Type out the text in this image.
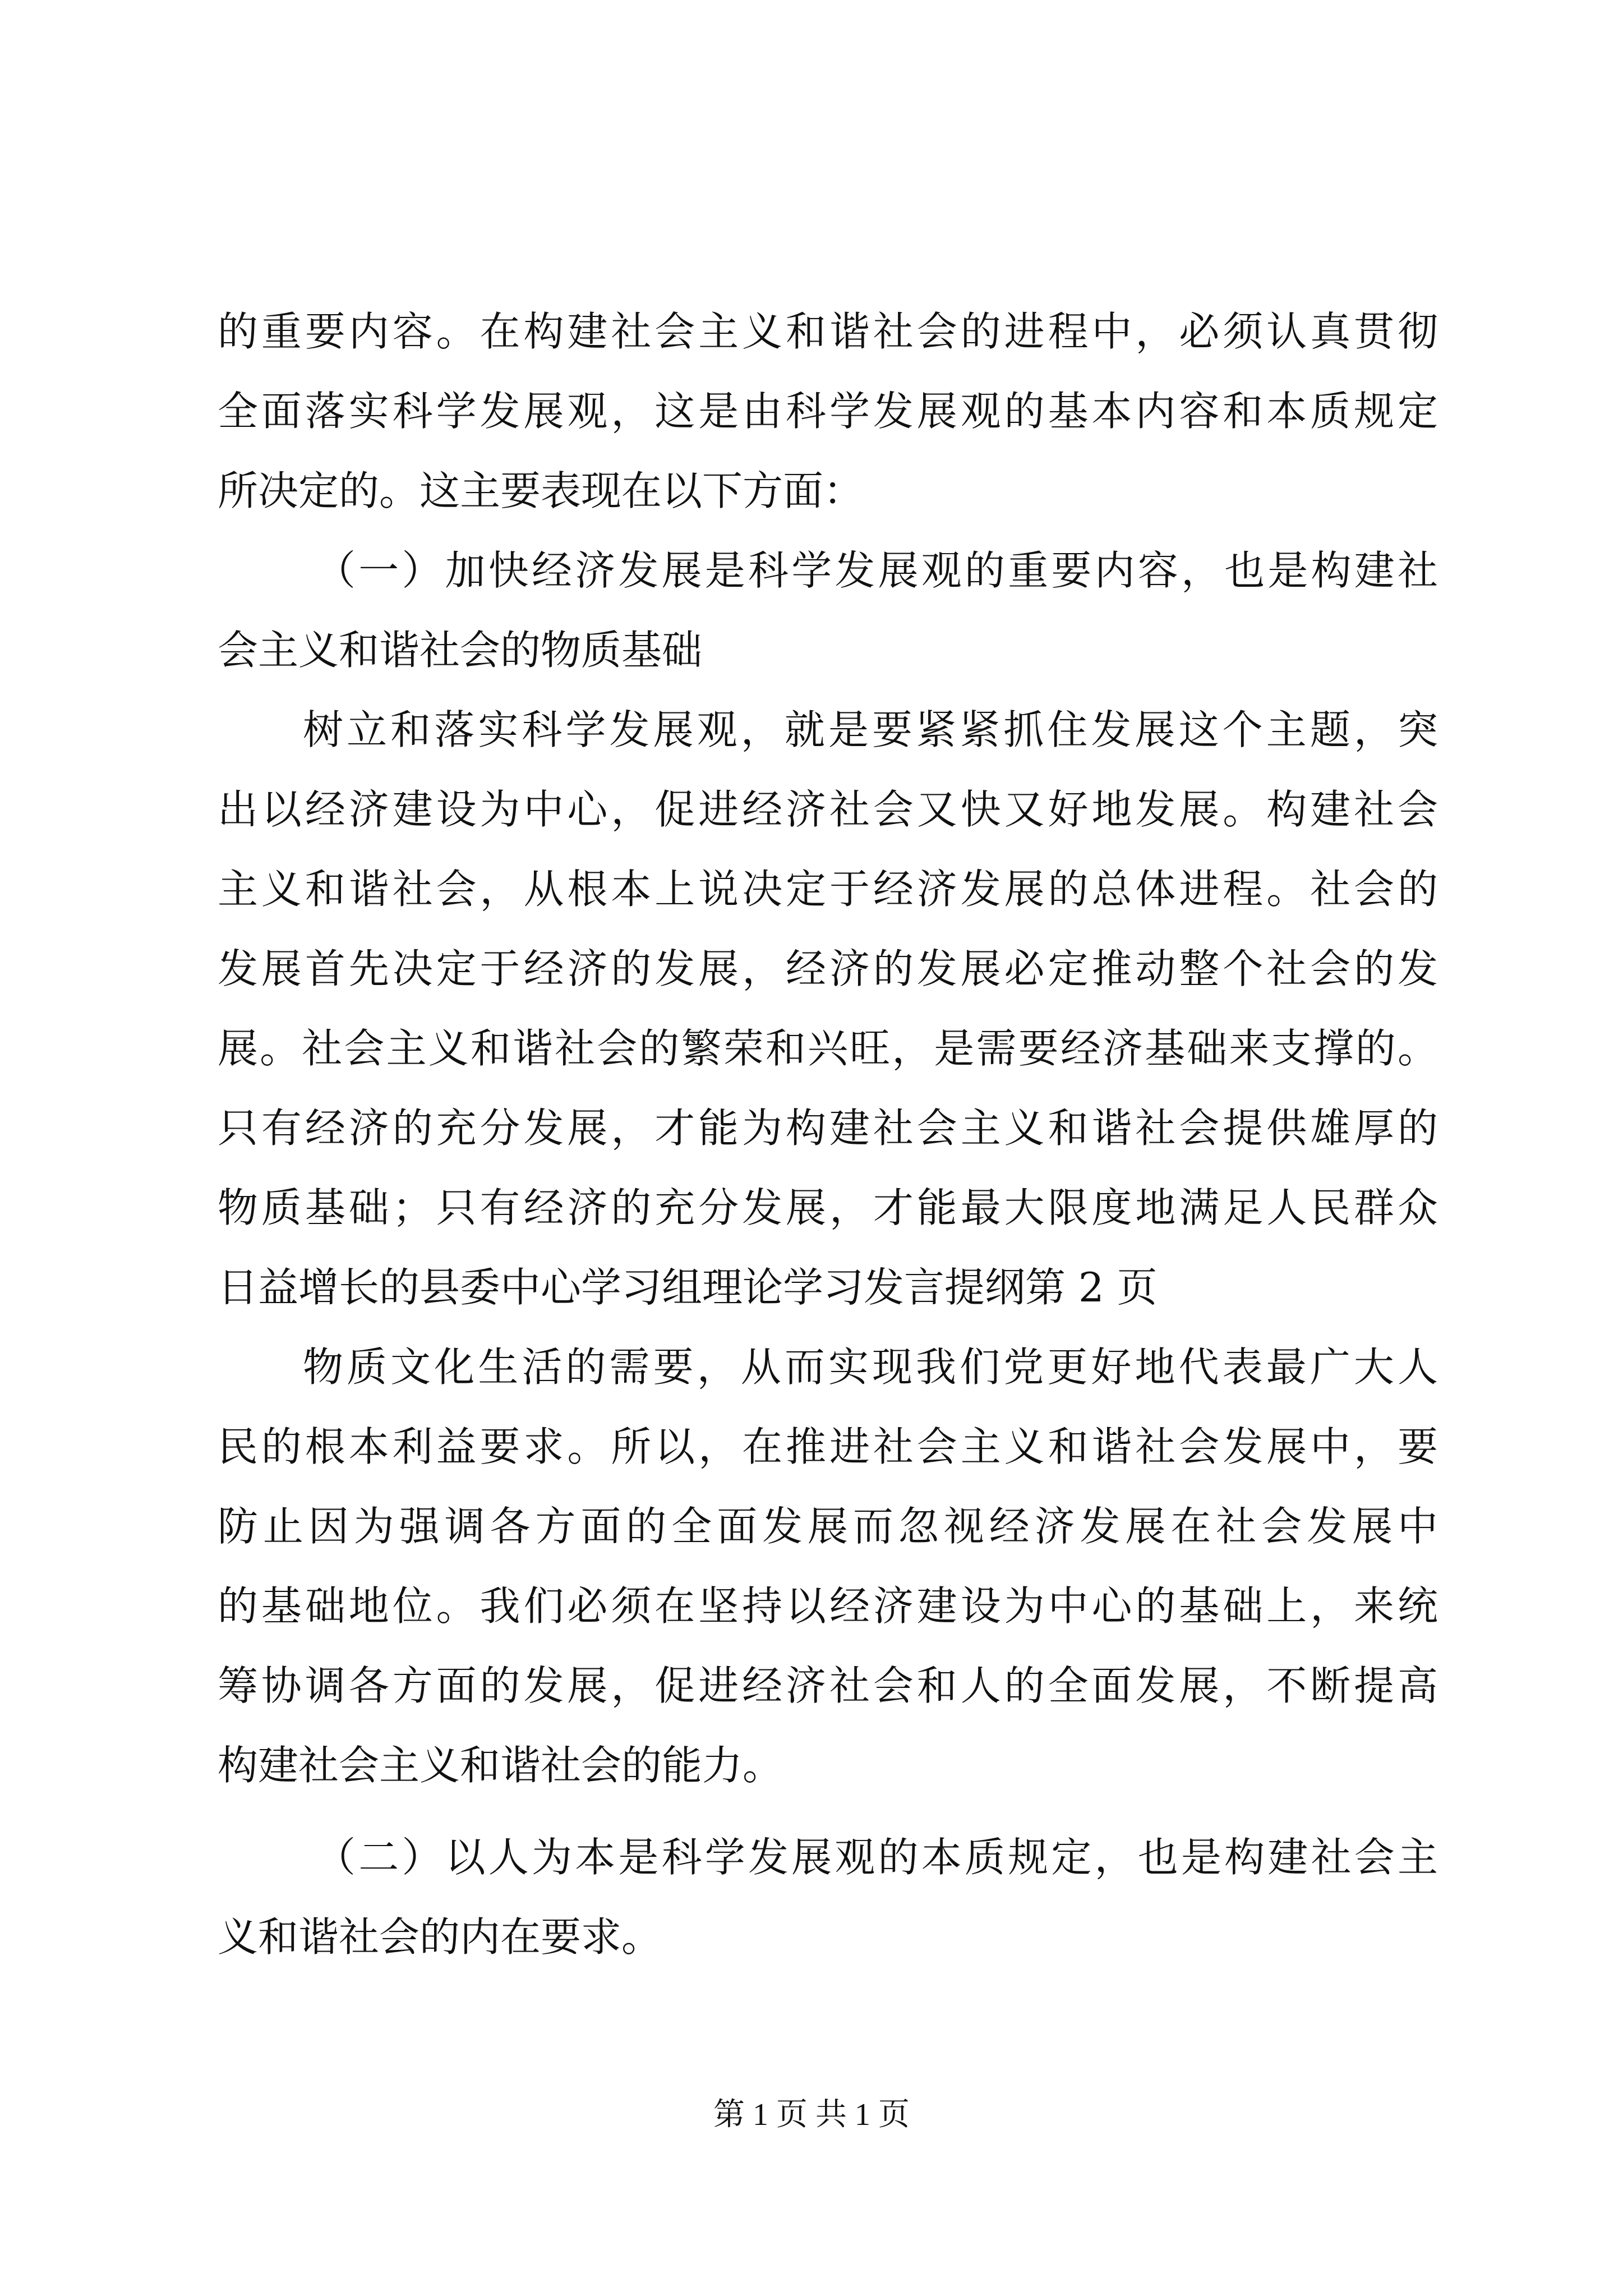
的重要内容。在构建社会主义和谐社会的进程中，必须认真贯彻
全面落实科学发展观，这是由科学发展观的基本内容和本质规定
所决定的。这主要表现在以下方面：
（一）加快经济发展是科学发展观的重要内容，也是构建社
会主义和谐社会的物质基础
树立和落实科学发展观，就是要紧紧抓住发展这个主题，突
出以经济建设为中心，促进经济社会又快又好地发展。构建社会
主义和谐社会，从根本上说决定于经济发展的总体进程。社会的
发展首先决定于经济的发展，经济的发展必定推动整个社会的发
展。社会主义和谐社会的繁荣和兴旺，是需要经济基础来支撑的。
只有经济的充分发展，才能为构建社会主义和谐社会提供雄厚的
物质基础；只有经济的充分发展，才能最大限度地满足人民群众
日益增长的县委中心学习组理论学习发言提纲第 2 页
物质文化生活的需要，从而实现我们党更好地代表最广大人
民的根本利益要求。所以，在推进社会主义和谐社会发展中，要
防止因为强调各方面的全面发展而忽视经济发展在社会发展中
的基础地位。我们必须在坚持以经济建设为中心的基础上，来统
筹协调各方面的发展，促进经济社会和人的全面发展，不断提高
构建社会主义和谐社会的能力。
（二）以人为本是科学发展观的本质规定，也是构建社会主
义和谐社会的内在要求。
第 1 页 共 1 页
